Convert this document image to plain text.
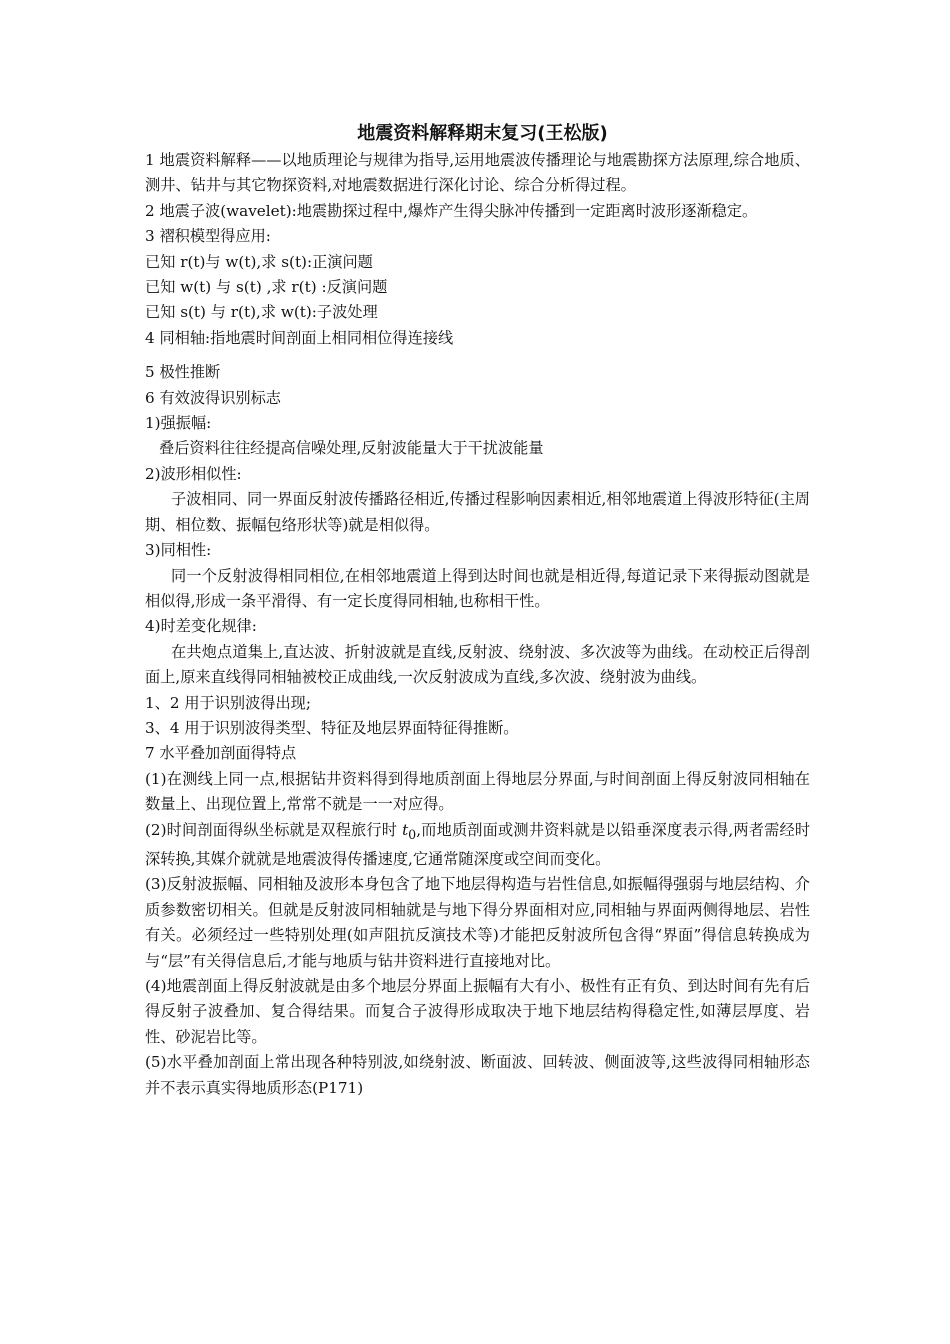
地震资料解释期末复习(王松版)

1 地震资料解释——以地质理论与规律为指导,运用地震波传播理论与地震勘探方法原理,综合地质、测井、钻井与其它物探资料,对地震数据进行深化讨论、综合分析得过程。

2 地震子波(wavelet):地震勘探过程中,爆炸产生得尖脉冲传播到一定距离时波形逐渐稳定。

3 褶积模型得应用:

已知 r(t)与 w(t),求 s(t):正演问题

已知 w(t) 与 s(t) ,求 r(t) :反演问题

已知 s(t) 与 r(t),求 w(t):子波处理

4 同相轴:指地震时间剖面上相同相位得连接线

5 极性推断

6 有效波得识别标志

1)强振幅:

叠后资料往往经提高信噪处理,反射波能量大于干扰波能量

2)波形相似性:

子波相同、同一界面反射波传播路径相近,传播过程影响因素相近,相邻地震道上得波形特征(主周期、相位数、振幅包络形状等)就是相似得。

3)同相性:

同一个反射波得相同相位,在相邻地震道上得到达时间也就是相近得,每道记录下来得振动图就是相似得,形成一条平滑得、有一定长度得同相轴,也称相干性。

4)时差变化规律:

在共炮点道集上,直达波、折射波就是直线,反射波、绕射波、多次波等为曲线。在动校正后得剖面上,原来直线得同相轴被校正成曲线,一次反射波成为直线,多次波、绕射波为曲线。

1、2 用于识别波得出现;

3、4 用于识别波得类型、特征及地层界面特征得推断。

7 水平叠加剖面得特点

(1)在测线上同一点,根据钻井资料得到得地质剖面上得地层分界面,与时间剖面上得反射波同相轴在数量上、出现位置上,常常不就是一一对应得。

(2)时间剖面得纵坐标就是双程旅行时 $t_0$,而地质剖面或测井资料就是以铅垂深度表示得,两者需经时深转换,其媒介就就是地震波得传播速度,它通常随深度或空间而变化。

(3)反射波振幅、同相轴及波形本身包含了地下地层得构造与岩性信息,如振幅得强弱与地层结构、介质参数密切相关。但就是反射波同相轴就是与地下得分界面相对应,同相轴与界面两侧得地层、岩性有关。必须经过一些特别处理(如声阻抗反演技术等)才能把反射波所包含得“界面”得信息转换成为与“层”有关得信息后,才能与地质与钻井资料进行直接地对比。

(4)地震剖面上得反射波就是由多个地层分界面上振幅有大有小、极性有正有负、到达时间有先有后得反射子波叠加、复合得结果。而复合子波得形成取决于地下地层结构得稳定性,如薄层厚度、岩性、砂泥岩比等。

(5)水平叠加剖面上常出现各种特别波,如绕射波、断面波、回转波、侧面波等,这些波得同相轴形态并不表示真实得地质形态(P171)
